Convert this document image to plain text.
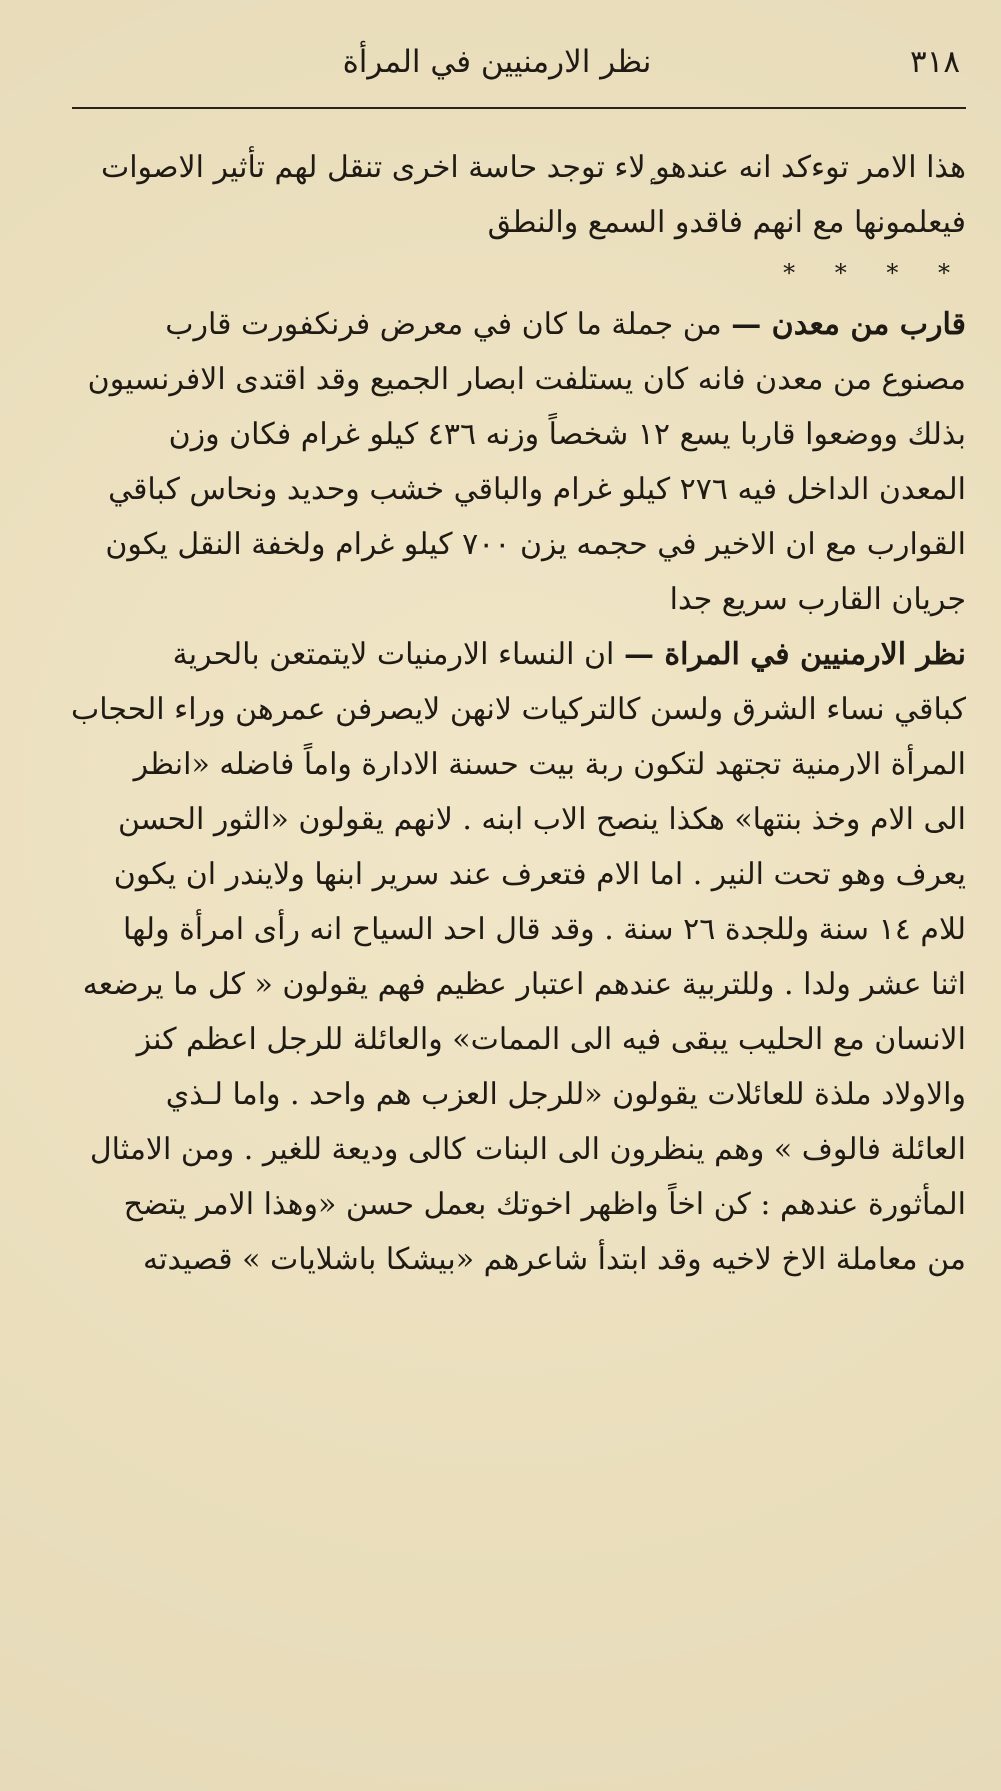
٣١٨
نظر الارمنيين في المرأة
هذا الامر توءكد انه عندهو ٕلاء توجد حاسة اخرى تنقل لهم تأثير الاصوات
فيعلمونها مع انهم فاقدو السمع والنطق
* * * *
قارب من معدن — من جملة ما كان في معرض فرنكفورت قارب
مصنوع من معدن فانه كان يستلفت ابصار الجميع وقد اقتدى الافرنسيون
بذلك ووضعوا قاربا يسع ١٢ شخصاً وزنه ٤٣٦ كيلو غرام فكان وزن
المعدن الداخل فيه ٢٧٦ كيلو غرام والباقي خشب وحديد ونحاس كباقي
القوارب مع ان الاخير في حجمه يزن ٧٠٠ كيلو غرام ولخفة النقل يكون
جريان القارب سريع جدا
نظر الارمنيين في المراة — ان النساء الارمنيات لايتمتعن بالحرية
كباقي نساء الشرق ولسن كالتركيات لانهن لايصرفن عمرهن وراء الحجاب
المرأة الارمنية تجتهد لتكون ربة بيت حسنة الادارة واماً فاضله «انظر
الى الام وخذ بنتها» هكذا ينصح الاب ابنه . لانهم يقولون «الثور الحسن
يعرف وهو تحت النير . اما الام فتعرف عند سرير ابنها ولايندر ان يكون
للام ١٤ سنة وللجدة ٢٦ سنة . وقد قال احد السياح انه رأى امرأة ولها
اثنا عشر ولدا . وللتربية عندهم اعتبار عظيم فهم يقولون « كل ما يرضعه
الانسان مع الحليب يبقى فيه الى الممات» والعائلة للرجل اعظم كنز
والاولاد ملذة للعائلات يقولون «للرجل العزب هم واحد . واما لـذي
العائلة فالوف » وهم ينظرون الى البنات كالى وديعة للغير . ومن الامثال
المأثورة عندهم : كن اخاً واظهر اخوتك بعمل حسن «وهذا الامر يتضح
من معاملة الاخ لاخيه وقد ابتدأ شاعرهم «بيشكا باشلايات » قصيدته
